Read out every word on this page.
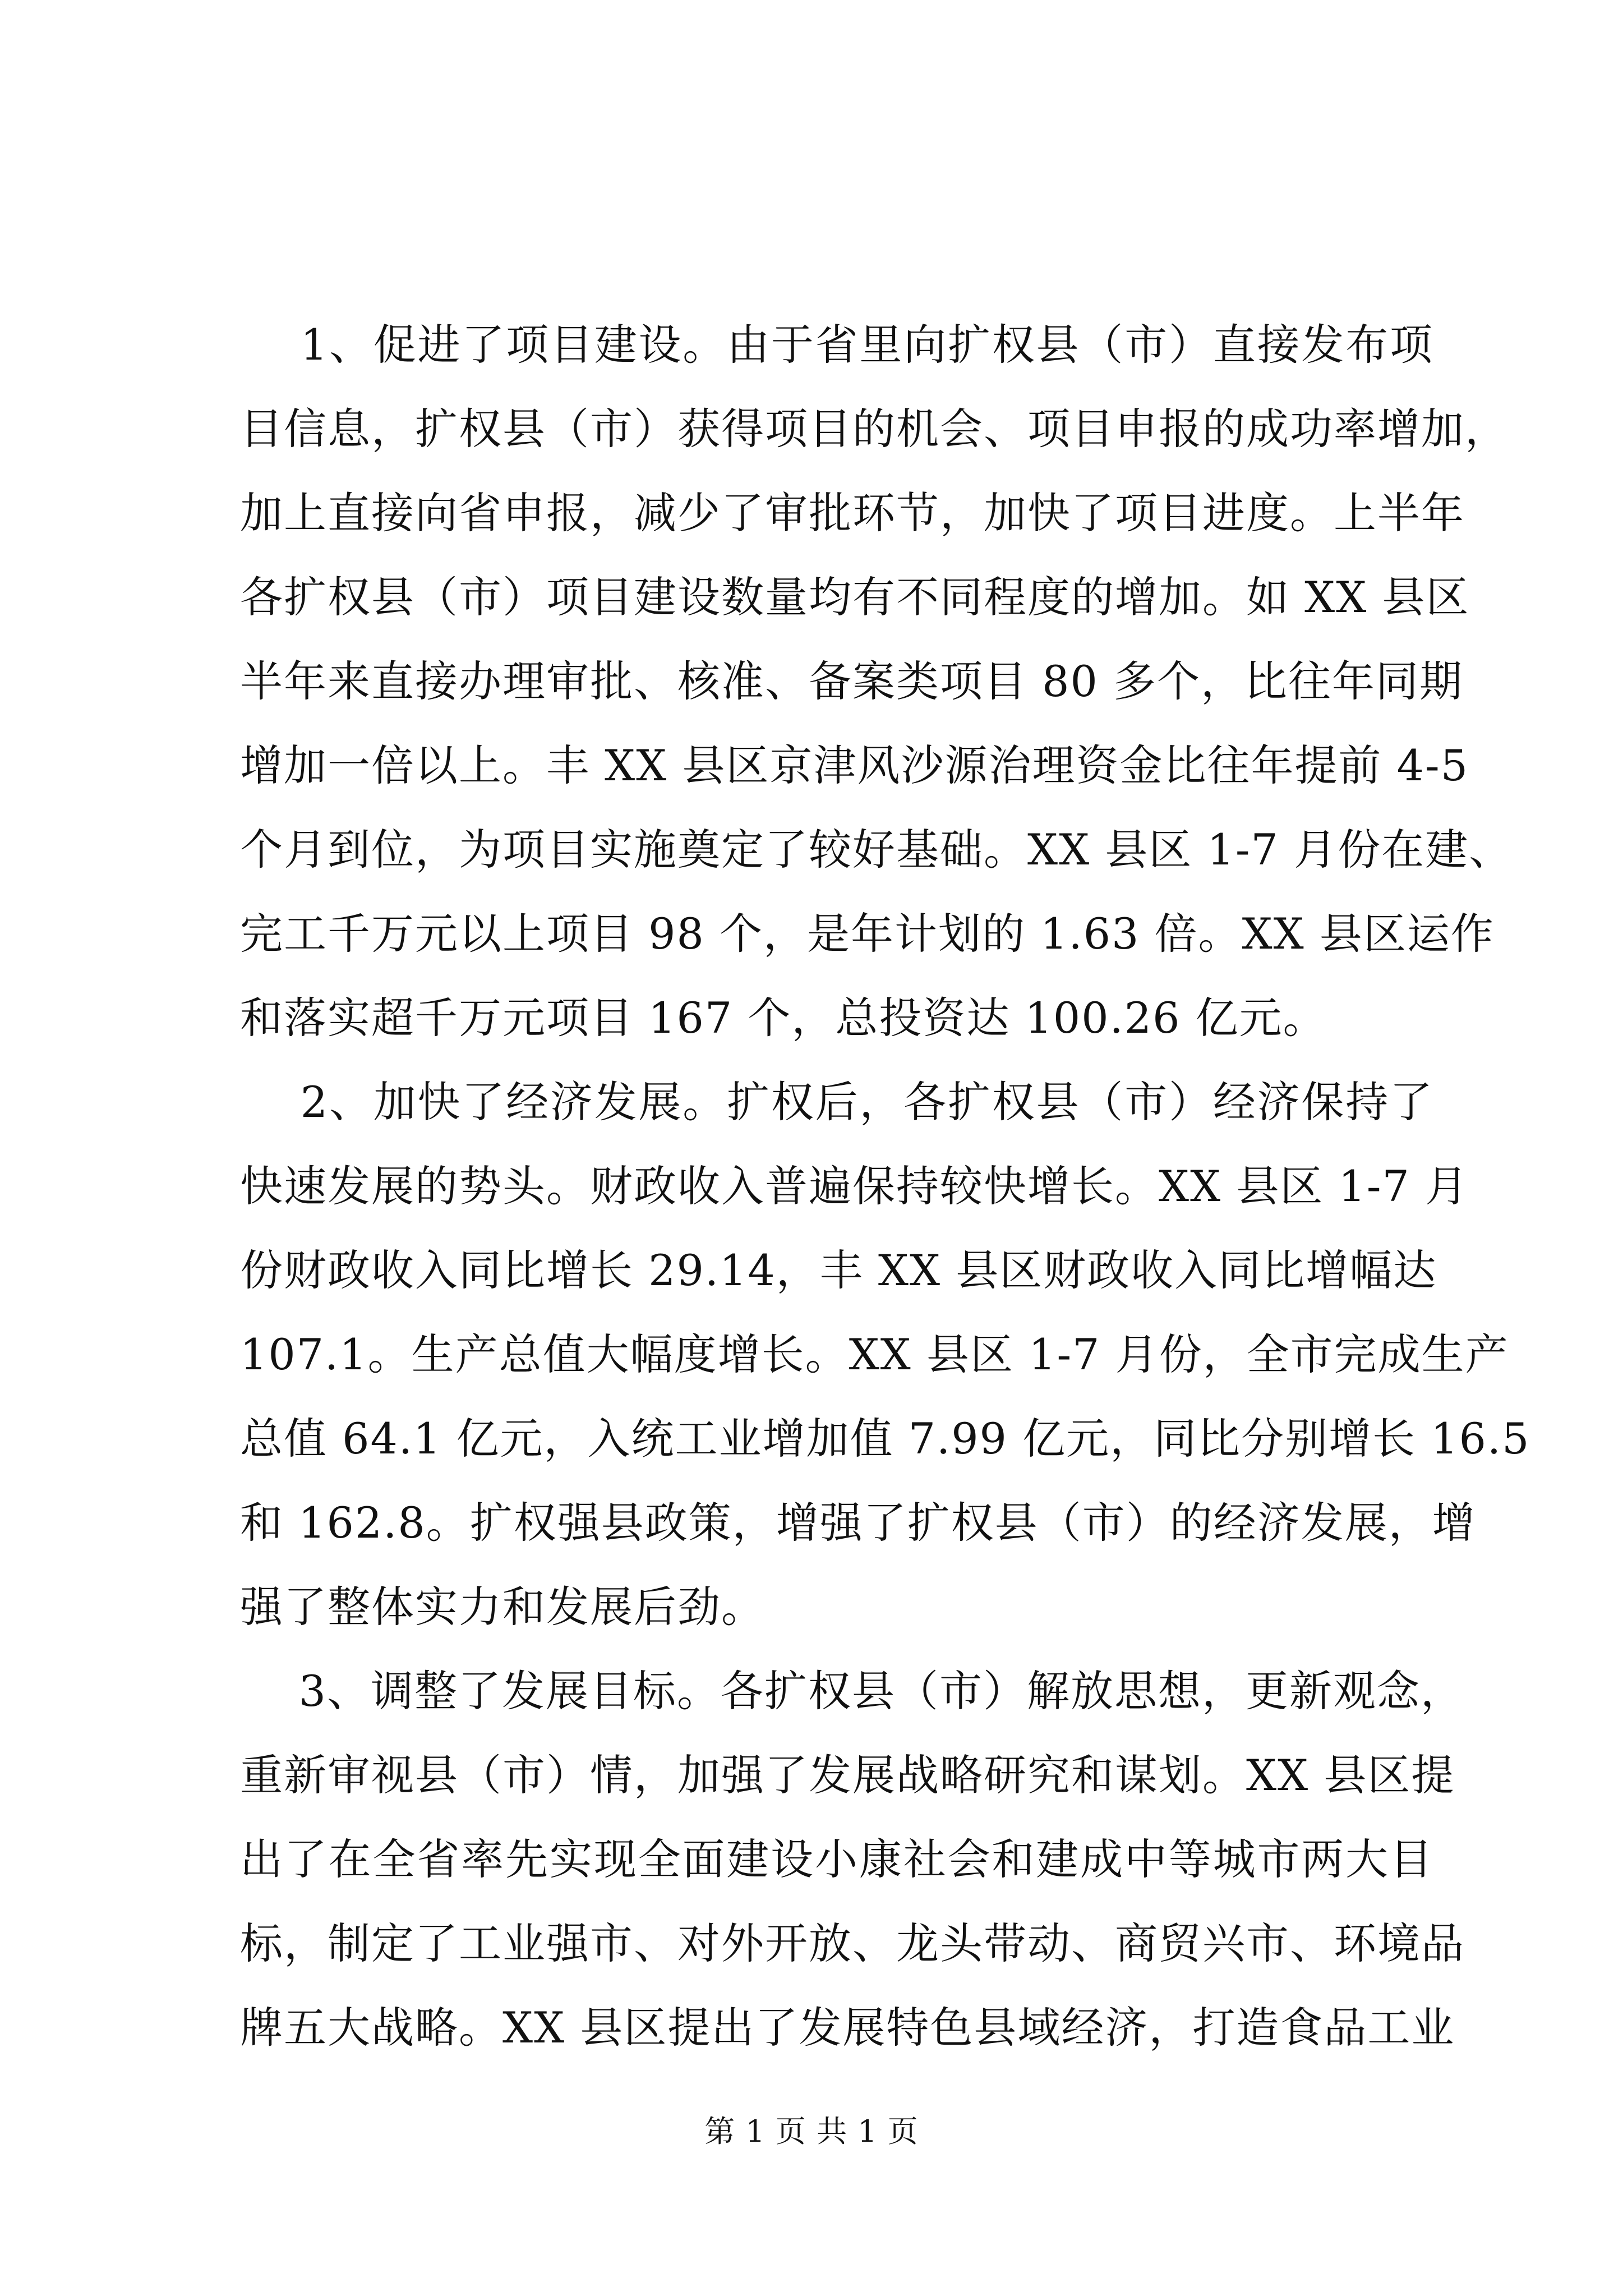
1、促进了项目建设。由于省里向扩权县（市）直接发布项
目信息，扩权县（市）获得项目的机会、项目申报的成功率增加，
加上直接向省申报，减少了审批环节，加快了项目进度。上半年
各扩权县（市）项目建设数量均有不同程度的增加。如 XX 县区
半年来直接办理审批、核准、备案类项目 80 多个，比往年同期
增加一倍以上。丰 XX 县区京津风沙源治理资金比往年提前 4-5
个月到位，为项目实施奠定了较好基础。XX 县区 1-7 月份在建、
完工千万元以上项目 98 个，是年计划的 1.63 倍。XX 县区运作
和落实超千万元项目 167 个，总投资达 100.26 亿元。
2、加快了经济发展。扩权后，各扩权县（市）经济保持了
快速发展的势头。财政收入普遍保持较快增长。XX 县区 1-7 月
份财政收入同比增长 29.14，丰 XX 县区财政收入同比增幅达
107.1。生产总值大幅度增长。XX 县区 1-7 月份，全市完成生产
总值 64.1 亿元，入统工业增加值 7.99 亿元，同比分别增长 16.5
和 162.8。扩权强县政策，增强了扩权县（市）的经济发展，增
强了整体实力和发展后劲。
3、调整了发展目标。各扩权县（市）解放思想，更新观念，
重新审视县（市）情，加强了发展战略研究和谋划。XX 县区提
出了在全省率先实现全面建设小康社会和建成中等城市两大目
标，制定了工业强市、对外开放、龙头带动、商贸兴市、环境品
牌五大战略。XX 县区提出了发展特色县域经济，打造食品工业
第 1 页 共 1 页
